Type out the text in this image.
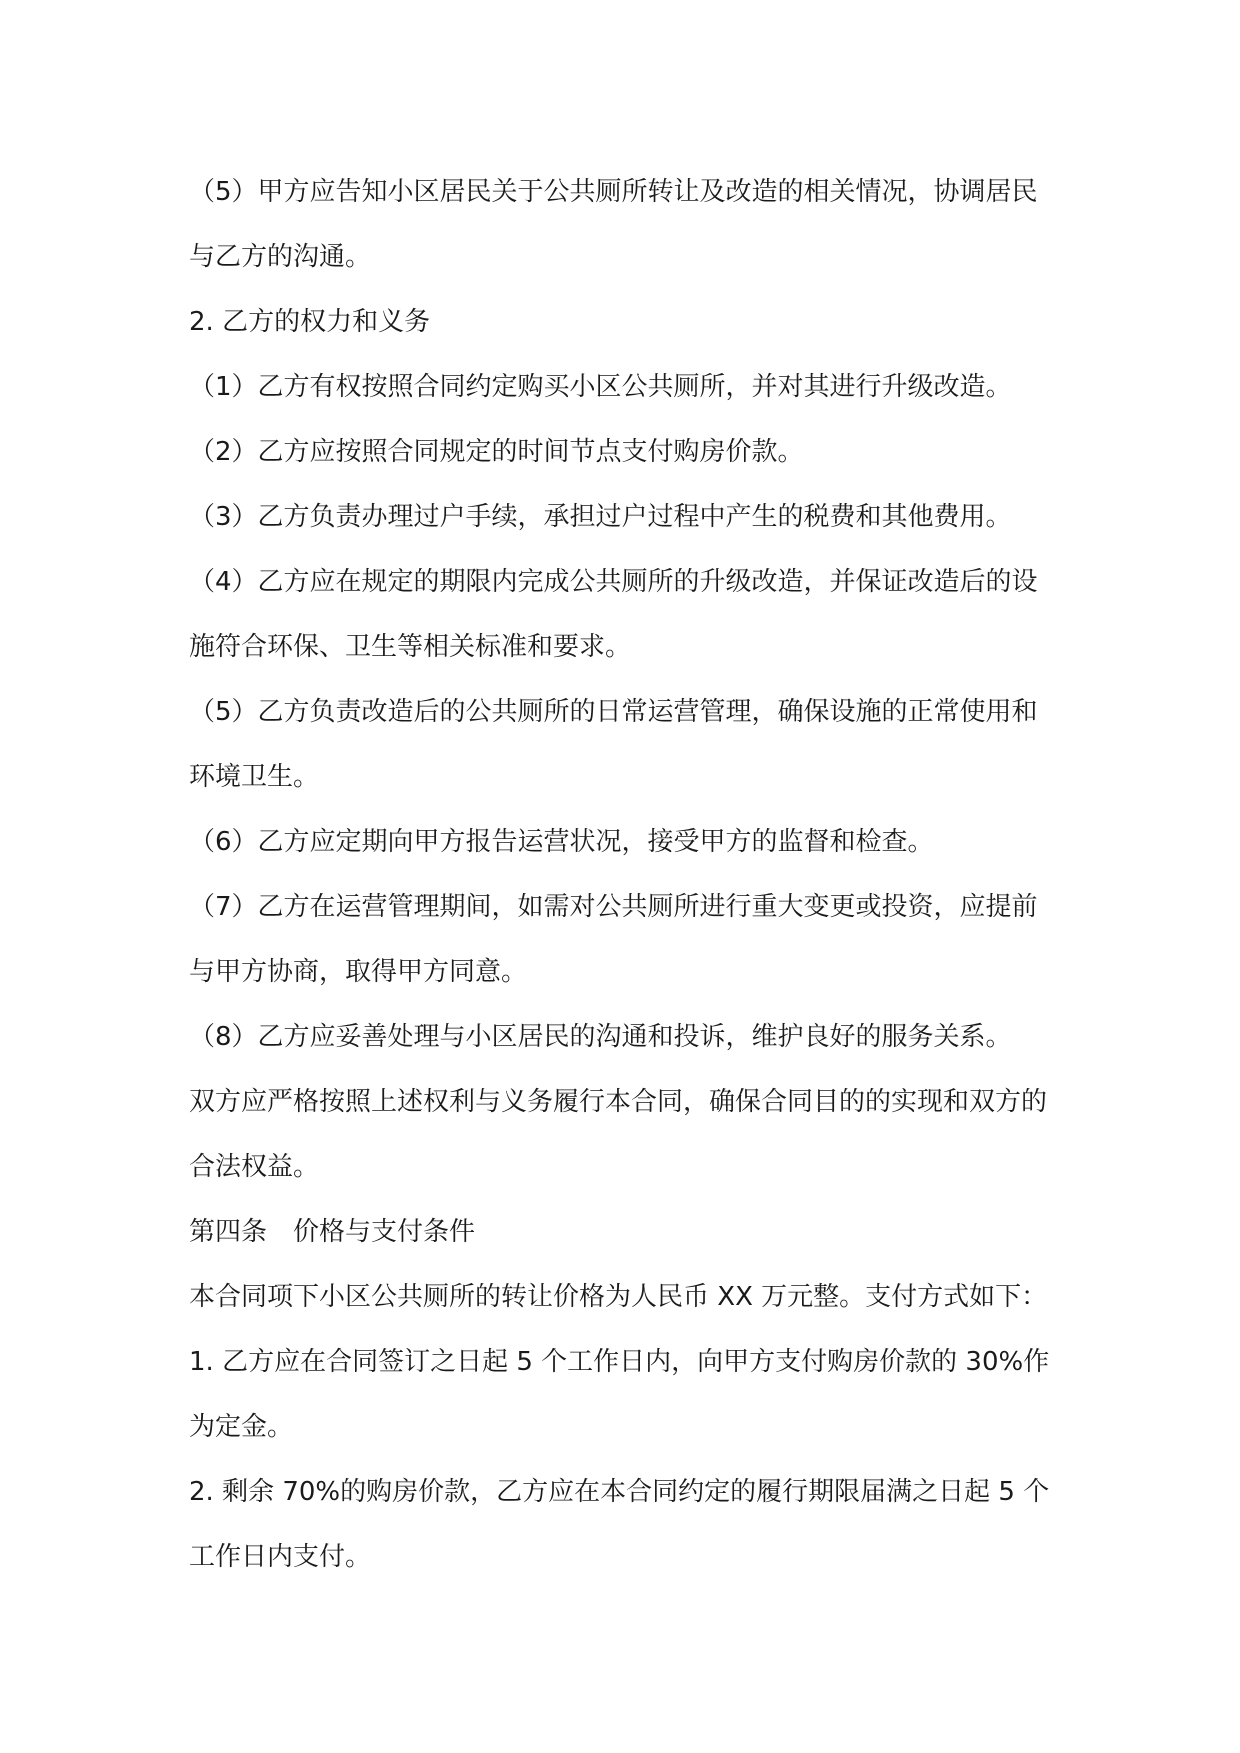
（5）甲方应告知小区居民关于公共厕所转让及改造的相关情况，协调居民与乙方的沟通。

2. 乙方的权力和义务

（1）乙方有权按照合同约定购买小区公共厕所，并对其进行升级改造。

（2）乙方应按照合同规定的时间节点支付购房价款。

（3）乙方负责办理过户手续，承担过户过程中产生的税费和其他费用。

（4）乙方应在规定的期限内完成公共厕所的升级改造，并保证改造后的设施符合环保、卫生等相关标准和要求。

（5）乙方负责改造后的公共厕所的日常运营管理，确保设施的正常使用和环境卫生。

（6）乙方应定期向甲方报告运营状况，接受甲方的监督和检查。

（7）乙方在运营管理期间，如需对公共厕所进行重大变更或投资，应提前与甲方协商，取得甲方同意。

（8）乙方应妥善处理与小区居民的沟通和投诉，维护良好的服务关系。

双方应严格按照上述权利与义务履行本合同，确保合同目的的实现和双方的合法权益。

第四条 价格与支付条件

本合同项下小区公共厕所的转让价格为人民币 XX 万元整。支付方式如下：

1. 乙方应在合同签订之日起 5 个工作日内，向甲方支付购房价款的 30%作为定金。

2. 剩余 70%的购房价款，乙方应在本合同约定的履行期限届满之日起 5 个工作日内支付。
